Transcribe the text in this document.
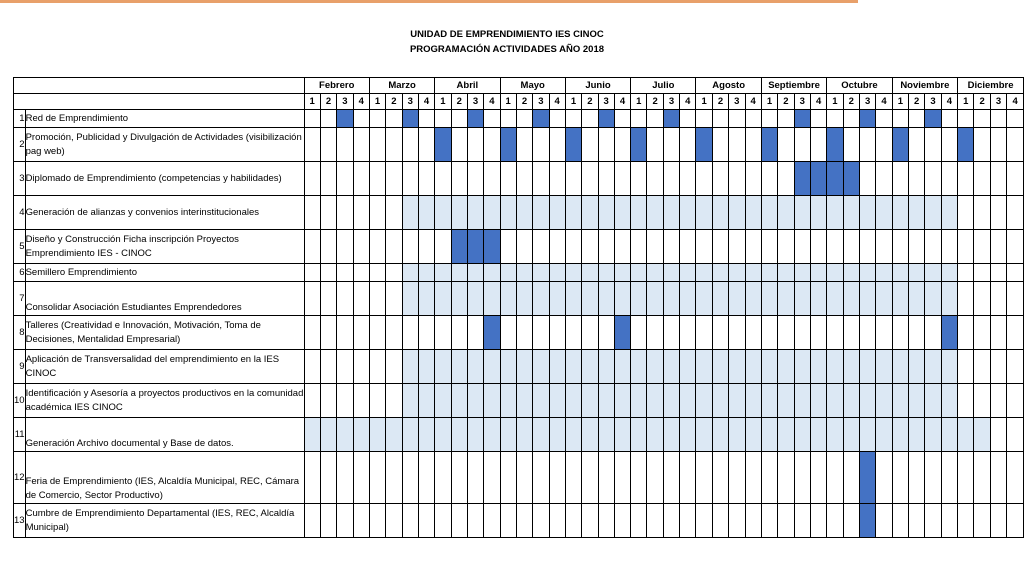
UNIDAD DE EMPRENDIMIENTO IES CINOC
PROGRAMACIÓN ACTIVIDADES AÑO 2018
		Febrero				Marzo				Abril				Mayo				Junio				Julio				Agosto				Septiembre				Octubre				Noviembre				Diciembre			
		1	2	3	4	1	2	3	4	1	2	3	4	1	2	3	4	1	2	3	4	1	2	3	4	1	2	3	4	1	2	3	4	1	2	3	4	1	2	3	4	1	2	3	4
1	Red de Emprendimiento																																												
2	Promoción, Publicidad y Divulgación de Actividades (visibilización pag web)																																												
3	Diplomado de Emprendimiento (competencias y habilidades)																																												
4	Generación de alianzas y convenios interinstitucionales																																												
5	Diseño y Construcción Ficha inscripción Proyectos Emprendimiento IES - CINOC																																												
6	Semillero Emprendimiento																																												
7	Consolidar Asociación Estudiantes Emprendedores																																												
8	Talleres (Creatividad e Innovación, Motivación, Toma de Decisiones, Mentalidad Empresarial)																																												
9	Aplicación de Transversalidad del emprendimiento en la IES CINOC																																												
10	Identificación y Asesoría a proyectos productivos en la comunidad académica IES CINOC																																												
11	Generación Archivo documental y Base de datos.																																												
12	Feria de Emprendimiento (IES, Alcaldía Municipal, REC, Cámara de Comercio, Sector Productivo)																																												
13	Cumbre de Emprendimiento Departamental (IES, REC, Alcaldía Municipal)																																												
